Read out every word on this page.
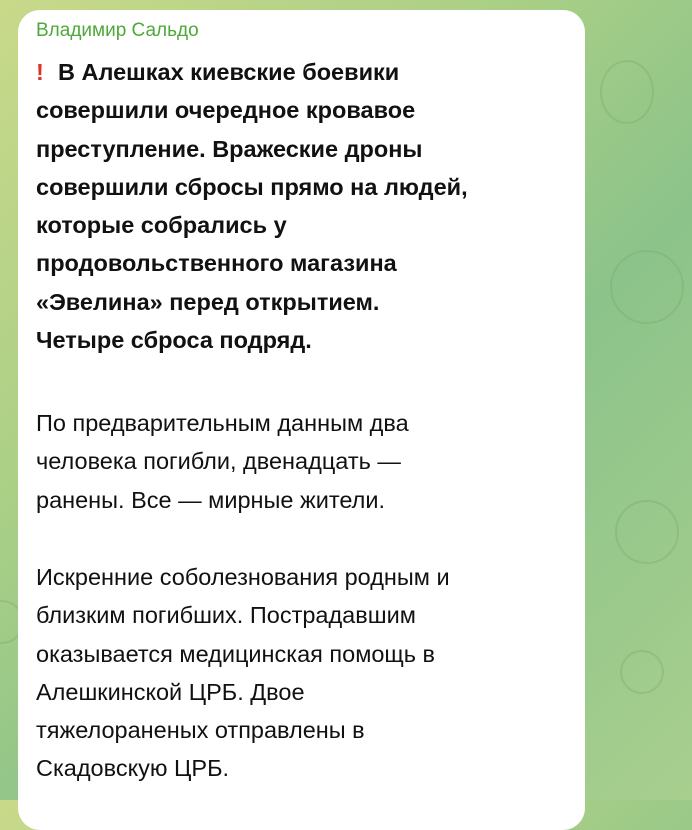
Владимир Сальдо
! В Алешках киевские боевики
совершили очередное кровавое
преступление. Вражеские дроны
совершили сбросы прямо на людей,
которые собрались у
продовольственного магазина
«Эвелина» перед открытием.
Четыре сброса подряд.
По предварительным данным два
человека погибли, двенадцать —
ранены. Все — мирные жители.
Искренние соболезнования родным и
близким погибших. Пострадавшим
оказывается медицинская помощь в
Алешкинской ЦРБ. Двое
тяжелораненых отправлены в
Скадовскую ЦРБ.
